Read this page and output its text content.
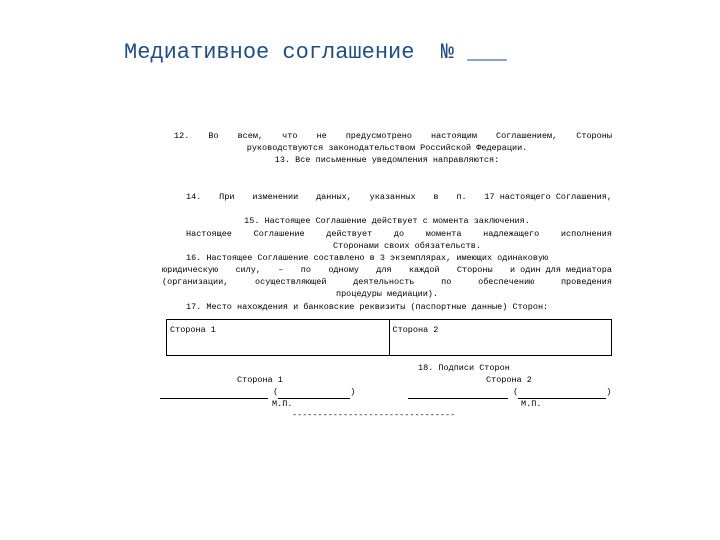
Медиативное соглашение  № ___
12. Во всем, что не предусмотрено настоящим Соглашением, Стороны
руководствуются законодательством Российской Федерации.
13. Все письменные уведомления направляются:

14. При изменении данных, указанных в п. 17 настоящего Соглашения,

15. Настоящее Соглашение действует с момента заключения.
Настоящее	Соглашение	действует	до	момента	надлежащего	исполнения
Сторонами своих обязательств.
16. Настоящее Соглашение составлено в 3 экземплярах, имеющих одинаковую
юридическую силу, – по одному для каждой Стороны и один для медиатора
(организации,	осуществляющей	деятельность	по	обеспечению	проведения
процедуры медиации).
17. Место нахождения и банковские реквизиты (паспортные данные) Сторон:
Сторона 1	Сторона 2
18. Подписи Сторон
Сторона 1	Сторона 2
(	)	(	)
М.П.	М.П.
--------------------------------
